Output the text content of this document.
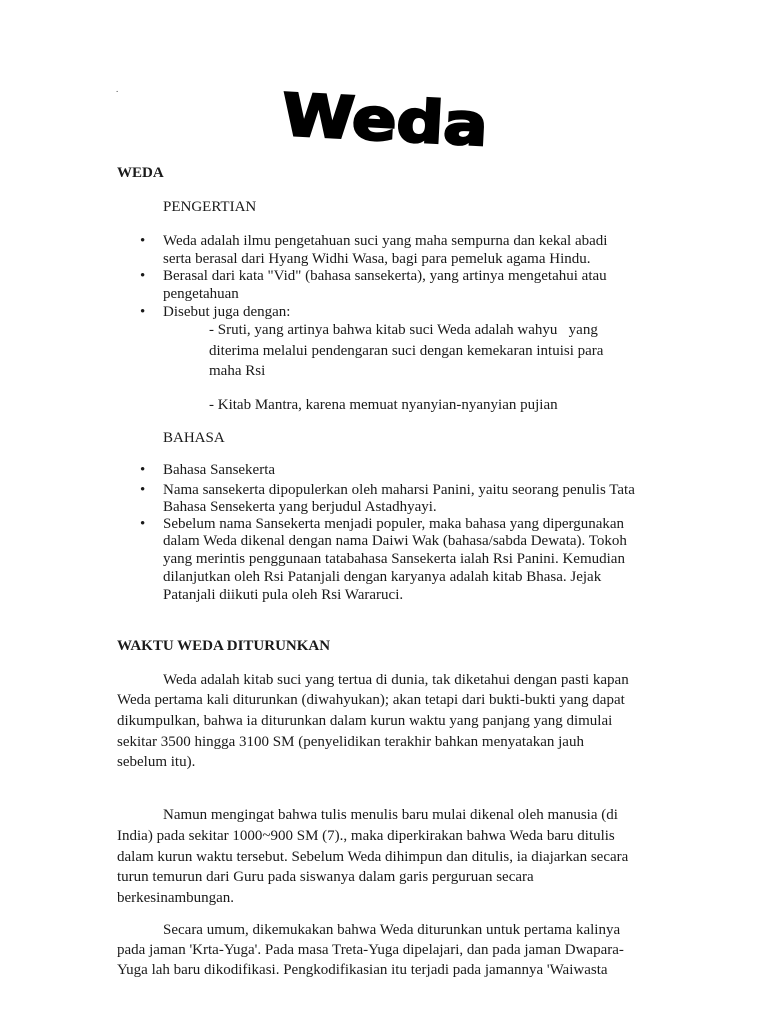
.	Weda
WEDA
PENGERTIAN
• Weda adalah ilmu pengetahuan suci yang maha sempurna dan kekal abadi
serta berasal dari Hyang Widhi Wasa, bagi para pemeluk agama Hindu.
• Berasal dari kata "Vid" (bahasa sansekerta), yang artinya mengetahui atau
pengetahuan
• Disebut juga dengan:
- Sruti, yang artinya bahwa kitab suci Weda adalah wahyu   yang
diterima melalui pendengaran suci dengan kemekaran intuisi para
maha Rsi
- Kitab Mantra, karena memuat nyanyian-nyanyian pujian
BAHASA
• Bahasa Sansekerta
• Nama sansekerta dipopulerkan oleh maharsi Panini, yaitu seorang penulis Tata
Bahasa Sensekerta yang berjudul Astadhyayi.
• Sebelum nama Sansekerta menjadi populer, maka bahasa yang dipergunakan
dalam Weda dikenal dengan nama Daiwi Wak (bahasa/sabda Dewata). Tokoh
yang merintis penggunaan tatabahasa Sansekerta ialah Rsi Panini. Kemudian
dilanjutkan oleh Rsi Patanjali dengan karyanya adalah kitab Bhasa. Jejak
Patanjali diikuti pula oleh Rsi Wararuci.
WAKTU WEDA DITURUNKAN
Weda adalah kitab suci yang tertua di dunia, tak diketahui dengan pasti kapan
Weda pertama kali diturunkan (diwahyukan); akan tetapi dari bukti-bukti yang dapat
dikumpulkan, bahwa ia diturunkan dalam kurun waktu yang panjang yang dimulai
sekitar 3500 hingga 3100 SM (penyelidikan terakhir bahkan menyatakan jauh
sebelum itu).
Namun mengingat bahwa tulis menulis baru mulai dikenal oleh manusia (di
India) pada sekitar 1000~900 SM (7)., maka diperkirakan bahwa Weda baru ditulis
dalam kurun waktu tersebut. Sebelum Weda dihimpun dan ditulis, ia diajarkan secara
turun temurun dari Guru pada siswanya dalam garis perguruan secara
berkesinambungan.
Secara umum, dikemukakan bahwa Weda diturunkan untuk pertama kalinya
pada jaman 'Krta-Yuga'. Pada masa Treta-Yuga dipelajari, dan pada jaman Dwapara-
Yuga lah baru dikodifikasi. Pengkodifikasian itu terjadi pada jamannya 'Waiwasta
